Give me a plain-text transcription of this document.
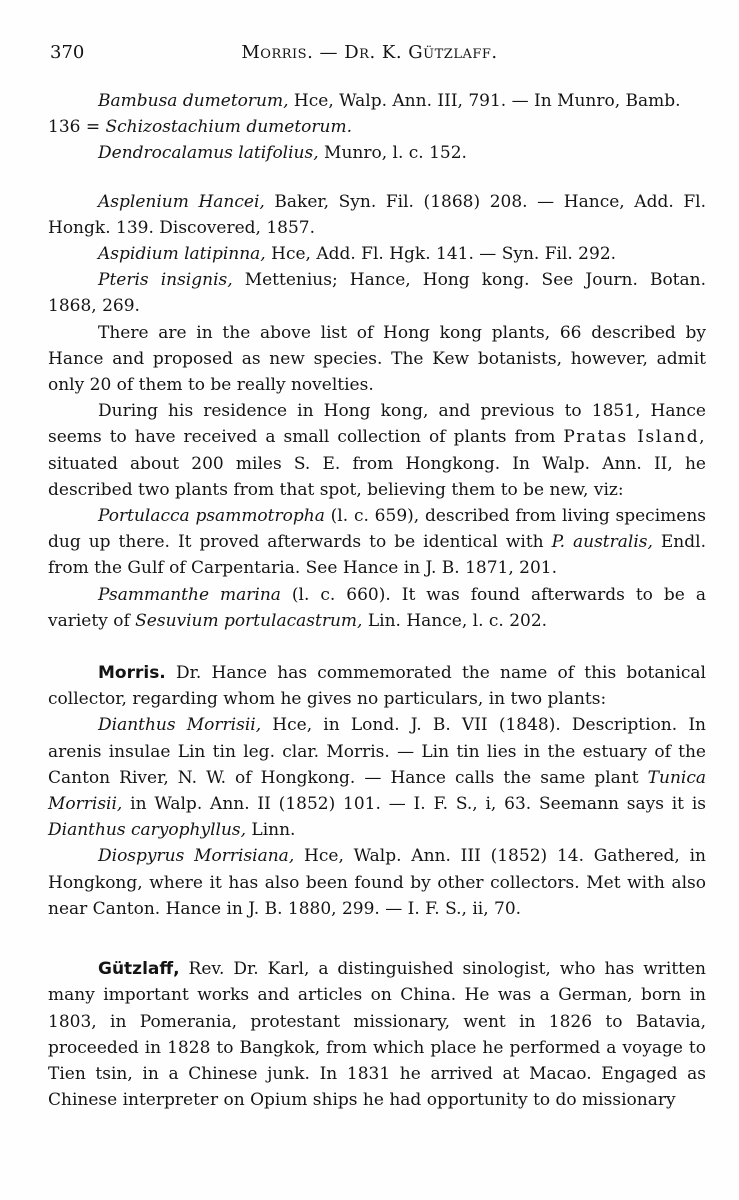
370	Morris. — Dr. K. Gützlaff.

Bambusa dumetorum, Hce, Walp. Ann. III, 791. — In Munro, Bamb.
136 = Schizostachium dumetorum.

Dendrocalamus latifolius, Munro, l. c. 152.

Asplenium Hancei, Baker, Syn. Fil. (1868) 208. — Hance, Add. Fl. Hongk. 139. Discovered, 1857.

Aspidium latipinna, Hce, Add. Fl. Hgk. 141. — Syn. Fil. 292.

Pteris insignis, Mettenius; Hance, Hong kong. See Journ. Botan. 1868, 269.

There are in the above list of Hong kong plants, 66 described by Hance and proposed as new species. The Kew botanists, however, admit only 20 of them to be really novelties.

During his residence in Hong kong, and previous to 1851, Hance seems to have received a small collection of plants from Pratas Island, situated about 200 miles S. E. from Hongkong. In Walp. Ann. II, he described two plants from that spot, believing them to be new, viz:

Portulacca psammotropha (l. c. 659), described from living specimens dug up there. It proved afterwards to be identical with P. australis, Endl. from the Gulf of Carpentaria. See Hance in J. B. 1871, 201.

Psammanthe marina (l. c. 660). It was found afterwards to be a variety of Sesuvium portulacastrum, Lin. Hance, l. c. 202.

Morris. Dr. Hance has commemorated the name of this botanical collector, regarding whom he gives no particulars, in two plants:

Dianthus Morrisii, Hce, in Lond. J. B. VII (1848). Description. In arenis insulae Lin tin leg. clar. Morris. — Lin tin lies in the estuary of the Canton River, N. W. of Hongkong. — Hance calls the same plant Tunica Morrisii, in Walp. Ann. II (1852) 101. — I. F. S., i, 63. Seemann says it is Dianthus caryophyllus, Linn.

Diospyrus Morrisiana, Hce, Walp. Ann. III (1852) 14. Gathered, in Hongkong, where it has also been found by other collectors. Met with also near Canton. Hance in J. B. 1880, 299. — I. F. S., ii, 70.

Gützlaff, Rev. Dr. Karl, a distinguished sinologist, who has written many important works and articles on China. He was a German, born in 1803, in Pomerania, protestant missionary, went in 1826 to Batavia, proceeded in 1828 to Bangkok, from which place he performed a voyage to Tien tsin, in a Chinese junk. In 1831 he arrived at Macao. Engaged as Chinese interpreter on Opium ships he had opportunity to do missionary
